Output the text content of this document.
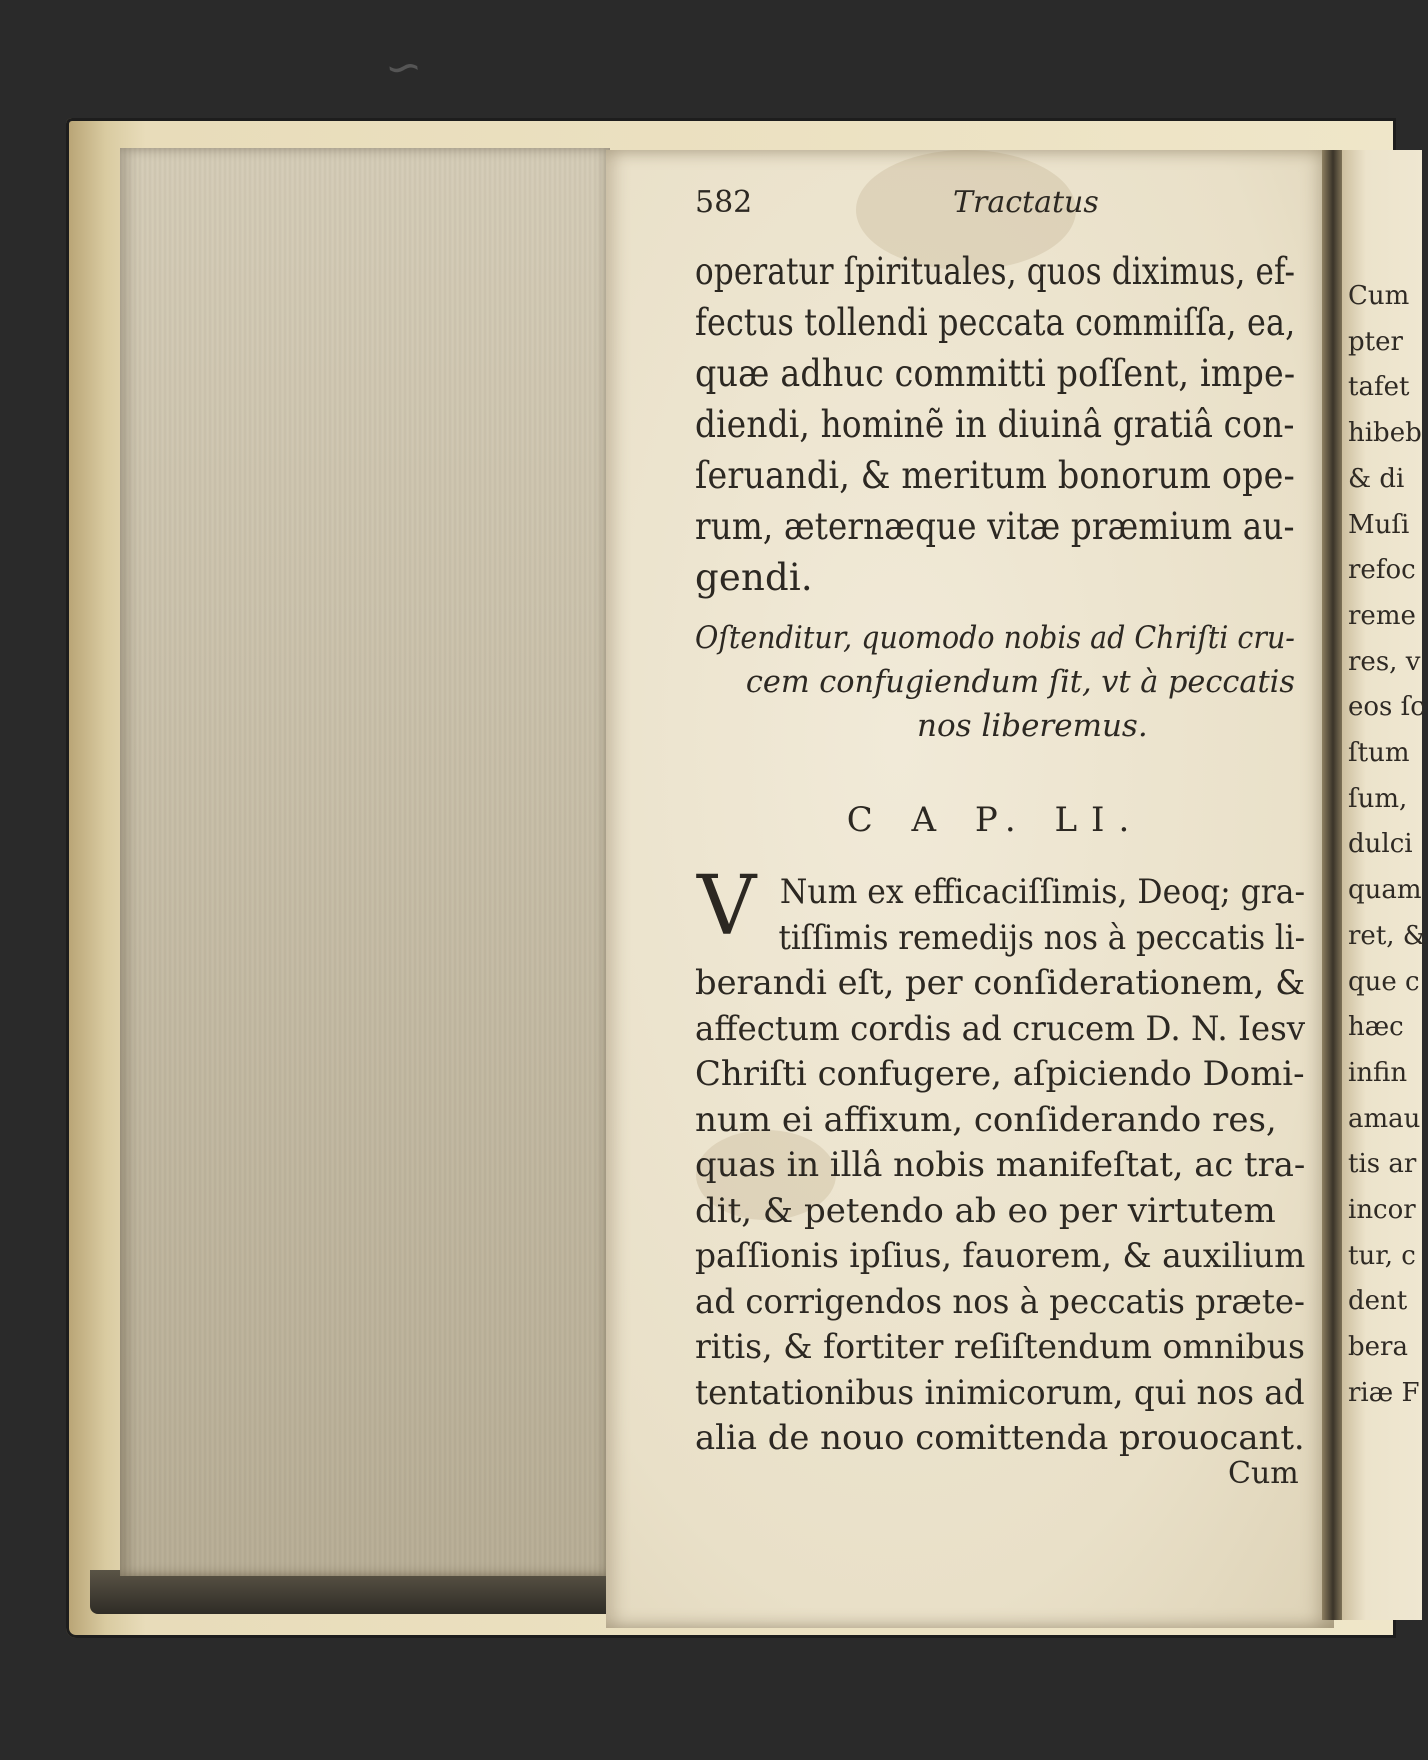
∽
582	Tractatus
operatur ſpirituales, quos diximus, ef-
fectus tollendi peccata commiſſa, ea,
quæ adhuc committi poſſent, impe-
diendi, hominẽ in diuinâ gratiâ con-
ſeruandi, & meritum bonorum ope-
rum, æternæque vitæ præmium au-
gendi.
Oſtenditur, quomodo nobis ad Chriſti cru-
cem confugiendum ſit, vt à peccatis
nos liberemus.
C A P. LI.
V Num ex efficaciſſimis, Deoq; gra-
tiſſimis remedijs nos à peccatis li-
berandi eſt, per conſiderationem, &
affectum cordis ad crucem D. N. Iesv
Chriſti confugere, aſpiciendo Domi-
num ei affixum, conſiderando res,
quas in illâ nobis manifeſtat, ac tra-
dit, & petendo ab eo per virtutem
paſſionis ipſius, fauorem, & auxilium
ad corrigendos nos à peccatis præte-
ritis, & fortiter reſiſtendum omnibus
tentationibus inimicorum, qui nos ad
alia de nouo comittenda prouocant.
Cum
Cum
pter
tafet
hibeb
& di
Muſi
refoc
reme
res, v
eos ſc
ſtum
ſum,
dulci
quam
ret, &
que c
hæc
infin
amau
tis ar
incor
tur, c
dent
bera
riæ F
